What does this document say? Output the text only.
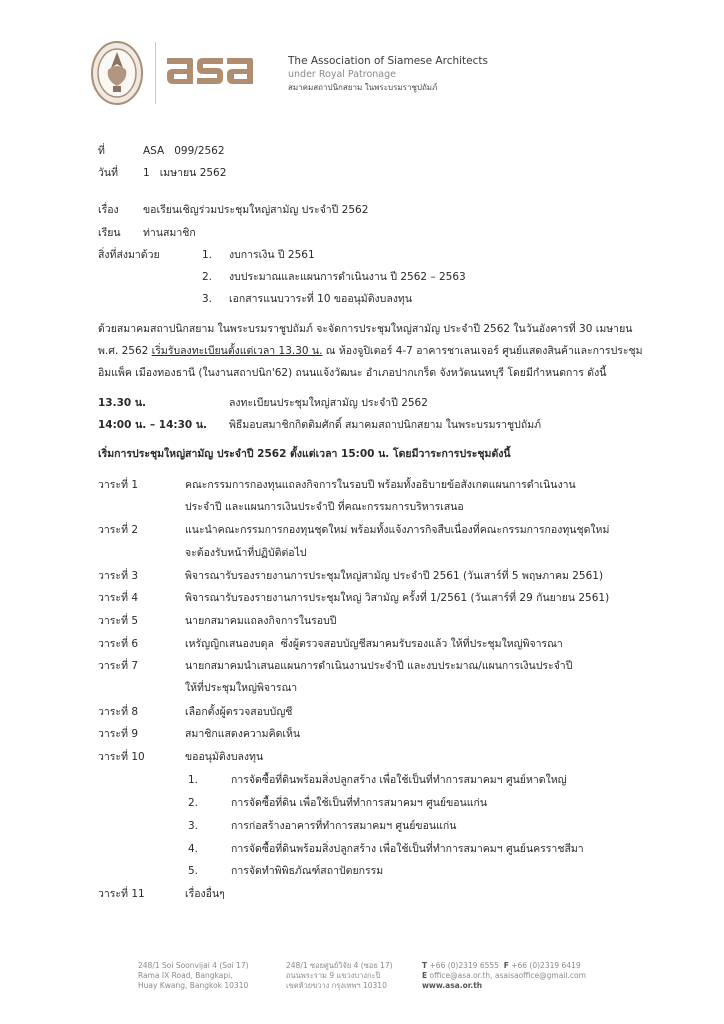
The Association of Siamese Architects
under Royal Patronage
สมาคมสถาปนิกสยาม ในพระบรมราชูปถัมภ์
ที่	ASA   099/2562
วันที่ 1   เมษายน 2562
เรื่อง ขอเรียนเชิญร่วมประชุมใหญ่สามัญ ประจำปี 2562
เรียน ท่านสมาชิก
สิ่งที่ส่งมาด้วย	1. งบการเงิน ปี 2561
2. งบประมาณและแผนการดำเนินงาน ปี 2562 – 2563
3. เอกสารแนบวาระที่ 10 ขออนุมัติงบลงทุน
ด้วยสมาคมสถาปนิกสยาม ในพระบรมราชูปถัมภ์ จะจัดการประชุมใหญ่สามัญ ประจำปี 2562 ในวันอังคารที่ 30 เมษายน
พ.ศ. 2562 เริ่มรับลงทะเบียนตั้งแต่เวลา 13.30 น. ณ ห้องจูปิเตอร์ 4-7 อาคารชาเลนเจอร์ ศูนย์แสดงสินค้าและการประชุม
อิมแพ็ค เมืองทองธานี (ในงานสถาปนิก'62) ถนนแจ้งวัฒนะ อำเภอปากเกร็ด จังหวัดนนทบุรี โดยมีกำหนดการ ดังนี้
13.30 น.	ลงทะเบียนประชุมใหญ่สามัญ ประจำปี 2562
14:00 น. – 14:30 น. พิธีมอบสมาชิกกิตติมศักดิ์ สมาคมสถาปนิกสยาม ในพระบรมราชูปถัมภ์
เริ่มการประชุมใหญ่สามัญ ประจำปี 2562 ตั้งแต่เวลา 15:00 น. โดยมีวาระการประชุมดังนี้
วาระที่ 1	คณะกรรมการกองทุนแถลงกิจการในรอบปี พร้อมทั้งอธิบายข้อสังเกตแผนการดำเนินงาน
ประจำปี และแผนการเงินประจำปี ที่คณะกรรมการบริหารเสนอ
วาระที่ 2	แนะนำคณะกรรมการกองทุนชุดใหม่ พร้อมทั้งแจ้งภารกิจสืบเนื่องที่คณะกรรมการกองทุนชุดใหม่
จะต้องรับหน้าที่ปฏิบัติต่อไป
วาระที่ 3	พิจารณารับรองรายงานการประชุมใหญ่สามัญ ประจำปี 2561 (วันเสาร์ที่ 5 พฤษภาคม 2561)
วาระที่ 4	พิจารณารับรองรายงานการประชุมใหญ่ วิสามัญ ครั้งที่ 1/2561 (วันเสาร์ที่ 29 กันยายน 2561)
วาระที่ 5	นายกสมาคมแถลงกิจการในรอบปี
วาระที่ 6	เหรัญญิกเสนองบดุล  ซึ่งผู้ตรวจสอบบัญชีสมาคมรับรองแล้ว ให้ที่ประชุมใหญ่พิจารณา
วาระที่ 7	นายกสมาคมนำเสนอแผนการดำเนินงานประจำปี และงบประมาณ/แผนการเงินประจำปี
ให้ที่ประชุมใหญ่พิจารณา
วาระที่ 8	เลือกตั้งผู้ตรวจสอบบัญชี
วาระที่ 9	สมาชิกแสดงความคิดเห็น
วาระที่ 10	ขออนุมัติงบลงทุน
1.	การจัดซื้อที่ดินพร้อมสิ่งปลูกสร้าง เพื่อใช้เป็นที่ทำการสมาคมฯ ศูนย์หาดใหญ่
2.	การจัดซื้อที่ดิน เพื่อใช้เป็นที่ทำการสมาคมฯ ศูนย์ขอนแก่น
3.	การก่อสร้างอาคารที่ทำการสมาคมฯ ศูนย์ขอนแก่น
4.	การจัดซื้อที่ดินพร้อมสิ่งปลูกสร้าง เพื่อใช้เป็นที่ทำการสมาคมฯ ศูนย์นครราชสีมา
5.	การจัดทำพิพิธภัณฑ์สถาปัตยกรรม
วาระที่ 11	เรื่องอื่นๆ
248/1 Soi Soonvijai 4 (Soi 17)
Rama IX Road, Bangkapi,
Huay Kwang, Bangkok 10310
248/1 ซอยศูนย์วิจัย 4 (ซอย 17)
ถนนพระราม 9 แขวงบางกะปิ
เขตห้วยขวาง กรุงเทพฯ 10310
T +66 (0)2319 6555 F +66 (0)2319 6419
E office@asa.or.th, asaisaoffice@gmail.com
www.asa.or.th
